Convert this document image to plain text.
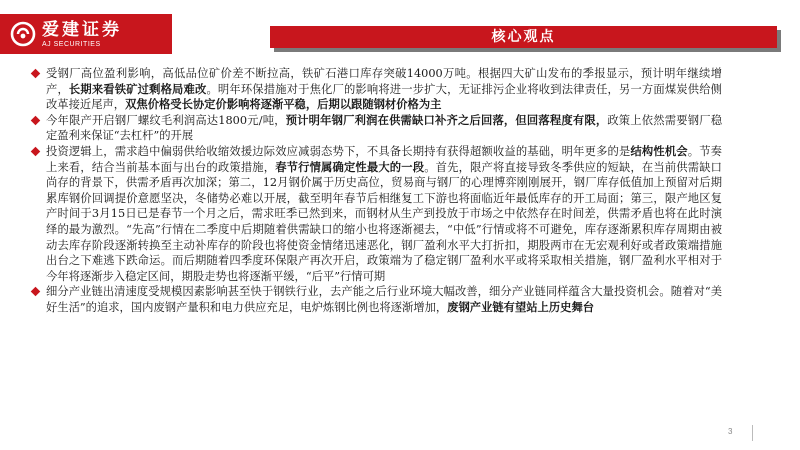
爱建证券
AJ SECURITIES	核心观点

受钢厂高位盈利影响，高低品位矿价差不断拉高，铁矿石港口库存突破14000万吨。根据四大矿山发布的季报显示，预计明年继续增产，长期来看铁矿过剩格局难改。明年环保措施对于焦化厂的影响将进一步扩大，无证排污企业将收到法律责任，另一方面煤炭供给侧改革接近尾声，双焦价格受长协定价影响将逐渐平稳，后期以跟随钢材价格为主

今年限产开启钢厂螺纹毛利润高达1800元/吨，预计明年钢厂利润在供需缺口补齐之后回落，但回落程度有限，政策上依然需要钢厂稳定盈利来保证“去杠杆”的开展

投资逻辑上，需求趋中偏弱供给收缩效援边际效应减弱态势下，不具备长期持有获得超额收益的基础，明年更多的是结构性机会。节奏上来看，结合当前基本面与出台的政策措施，春节行情属确定性最大的一段。首先，限产将直接导致冬季供应的短缺，在当前供需缺口尚存的背景下，供需矛盾再次加深；第二，12月钢价属于历史高位，贸易商与钢厂的心理博弈刚刚展开，钢厂库存低值加上预留对后期累库钢价回调提价意愿坚决，冬储势必难以开展，截至明年春节后相继复工下游也将面临近年最低库存的开工局面；第三，限产地区复产时间于3月15日已是春节一个月之后，需求旺季已然到来，而钢材从生产到投放于市场之中依然存在时间差，供需矛盾也将在此时演绎的最为激烈。“先高”行情在二季度中后期随着供需缺口的缩小也将逐渐褪去，“中低”行情或将不可避免，库存逐渐累积库存周期由被动去库存阶段逐渐转换至主动补库存的阶段也将使资金情绪迅速恶化，钢厂盈利水平大打折扣，期股两市在无宏观利好或者政策端措施出台之下难逃下跌命运。而后期随着四季度环保限产再次开启，政策端为了稳定钢厂盈利水平或将采取相关措施，钢厂盈利水平相对于今年将逐渐步入稳定区间，期股走势也将逐渐平缓，“后平”行情可期

细分产业链出清速度受规模因素影响甚至快于钢铁行业，去产能之后行业环境大幅改善，细分产业链同样蕴含大量投资机会。随着对“美好生活”的追求，国内废钢产量积和电力供应充足，电炉炼钢比例也将逐渐增加，废钢产业链有望站上历史舞台

3
